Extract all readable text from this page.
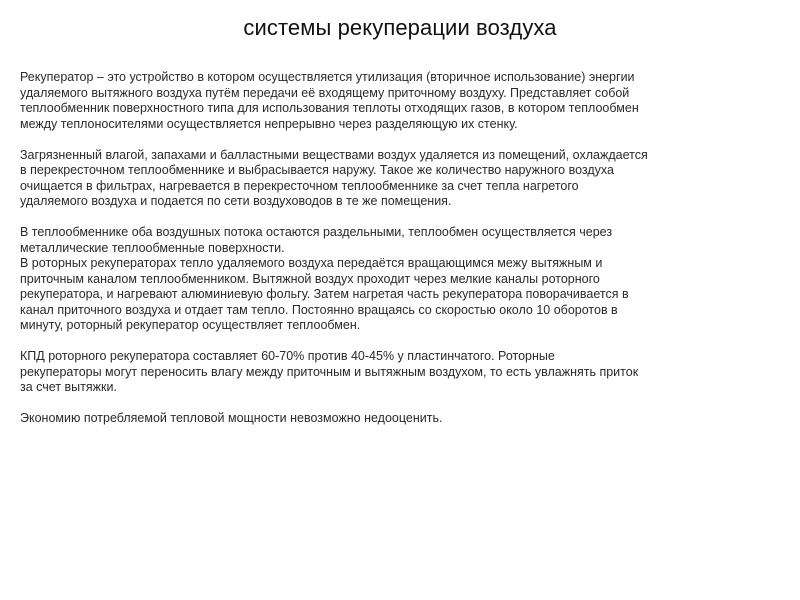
системы рекуперации воздуха

Рекуператор – это устройство в котором осуществляется утилизация (вторичное использование) энергии
удаляемого вытяжного воздуха путём передачи её входящему приточному воздуху. Представляет собой
теплообменник поверхностного типа для использования теплоты отходящих газов, в котором теплообмен
между теплоносителями осуществляется непрерывно через разделяющую их стенку.

Загрязненный влагой, запахами и балластными веществами воздух удаляется из помещений, охлаждается
в перекресточном теплообменнике и выбрасывается наружу. Такое же количество наружного воздуха
очищается в фильтрах, нагревается в перекресточном теплообменнике за счет тепла нагретого
удаляемого воздуха и подается по сети воздуховодов в те же помещения.

В теплообменнике оба воздушных потока остаются раздельными, теплообмен осуществляется через
металлические теплообменные поверхности.

В роторных рекуператорах тепло удаляемого воздуха передаётся вращающимся межу вытяжным и
приточным каналом теплообменником. Вытяжной воздух проходит через мелкие каналы роторного
рекуператора, и нагревают алюминиевую фольгу. Затем нагретая часть рекуператора поворачивается в
канал приточного воздуха и отдает там тепло. Постоянно вращаясь со скоростью около 10 оборотов в
минуту, роторный рекуператор осуществляет теплообмен.

КПД роторного рекуператора составляет 60-70% против 40-45% у пластинчатого. Роторные
рекуператоры могут переносить влагу между приточным и вытяжным воздухом, то есть увлажнять приток
за счет вытяжки.

Экономию потребляемой тепловой мощности невозможно недооценить.
